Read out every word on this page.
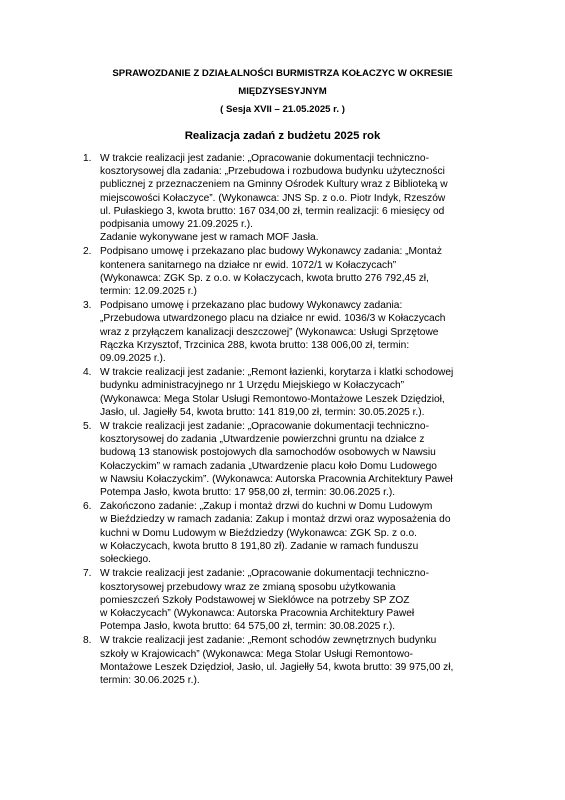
SPRAWOZDANIE Z DZIAŁALNOŚCI BURMISTRZA KOŁACZYC W OKRESIE
MIĘDZYSESYJNYM
( Sesja XVII – 21.05.2025 r. )
Realizacja zadań z budżetu 2025 rok
1. W trakcie realizacji jest zadanie: „Opracowanie dokumentacji techniczno-
kosztorysowej dla zadania: „Przebudowa i rozbudowa budynku użyteczności
publicznej z przeznaczeniem na Gminny Ośrodek Kultury wraz z Biblioteką w
miejscowości Kołaczyce”. (Wykonawca: JNS Sp. z o.o. Piotr Indyk, Rzeszów
ul. Pułaskiego 3, kwota brutto: 167 034,00 zł, termin realizacji: 6 miesięcy od
podpisania umowy 21.09.2025 r.).
Zadanie wykonywane jest w ramach MOF Jasła.
2. Podpisano umowę i przekazano plac budowy Wykonawcy zadania: „Montaż
kontenera sanitarnego na działce nr ewid. 1072/1 w Kołaczycach”
(Wykonawca: ZGK Sp. z o.o. w Kołaczycach, kwota brutto 276 792,45 zł,
termin: 12.09.2025 r.)
3. Podpisano umowę i przekazano plac budowy Wykonawcy zadania:
„Przebudowa utwardzonego placu na działce nr ewid. 1036/3 w Kołaczycach
wraz z przyłączem kanalizacji deszczowej” (Wykonawca: Usługi Sprzętowe
Rączka Krzysztof, Trzcinica 288, kwota brutto: 138 006,00 zł, termin:
09.09.2025 r.).
4. W trakcie realizacji jest zadanie: „Remont łazienki, korytarza i klatki schodowej
budynku administracyjnego nr 1 Urzędu Miejskiego w Kołaczycach”
(Wykonawca: Mega Stolar Usługi Remontowo-Montażowe Leszek Dziędzioł,
Jasło, ul. Jagiełły 54, kwota brutto: 141 819,00 zł, termin: 30.05.2025 r.).
5. W trakcie realizacji jest zadanie: „Opracowanie dokumentacji techniczno-
kosztorysowej do zadania „Utwardzenie powierzchni gruntu na działce z
budową 13 stanowisk postojowych dla samochodów osobowych w Nawsiu
Kołaczyckim” w ramach zadania „Utwardzenie placu koło Domu Ludowego
w Nawsiu Kołaczyckim”. (Wykonawca: Autorska Pracownia Architektury Paweł
Potempa Jasło, kwota brutto: 17 958,00 zł, termin: 30.06.2025 r.).
6. Zakończono zadanie: „Zakup i montaż drzwi do kuchni w Domu Ludowym
w Bieździedzy w ramach zadania: Zakup i montaż drzwi oraz wyposażenia do
kuchni w Domu Ludowym w Bieździedzy (Wykonawca: ZGK Sp. z o.o.
w Kołaczycach, kwota brutto 8 191,80 zł). Zadanie w ramach funduszu
sołeckiego.
7. W trakcie realizacji jest zadanie: „Opracowanie dokumentacji techniczno-
kosztorysowej przebudowy wraz ze zmianą sposobu użytkowania
pomieszczeń Szkoły Podstawowej w Sieklówce na potrzeby SP ZOZ
w Kołaczycach” (Wykonawca: Autorska Pracownia Architektury Paweł
Potempa Jasło, kwota brutto: 64 575,00 zł, termin: 30.08.2025 r.).
8. W trakcie realizacji jest zadanie: „Remont schodów zewnętrznych budynku
szkoły w Krajowicach” (Wykonawca: Mega Stolar Usługi Remontowo-
Montażowe Leszek Dziędzioł, Jasło, ul. Jagiełły 54, kwota brutto: 39 975,00 zł,
termin: 30.06.2025 r.).
